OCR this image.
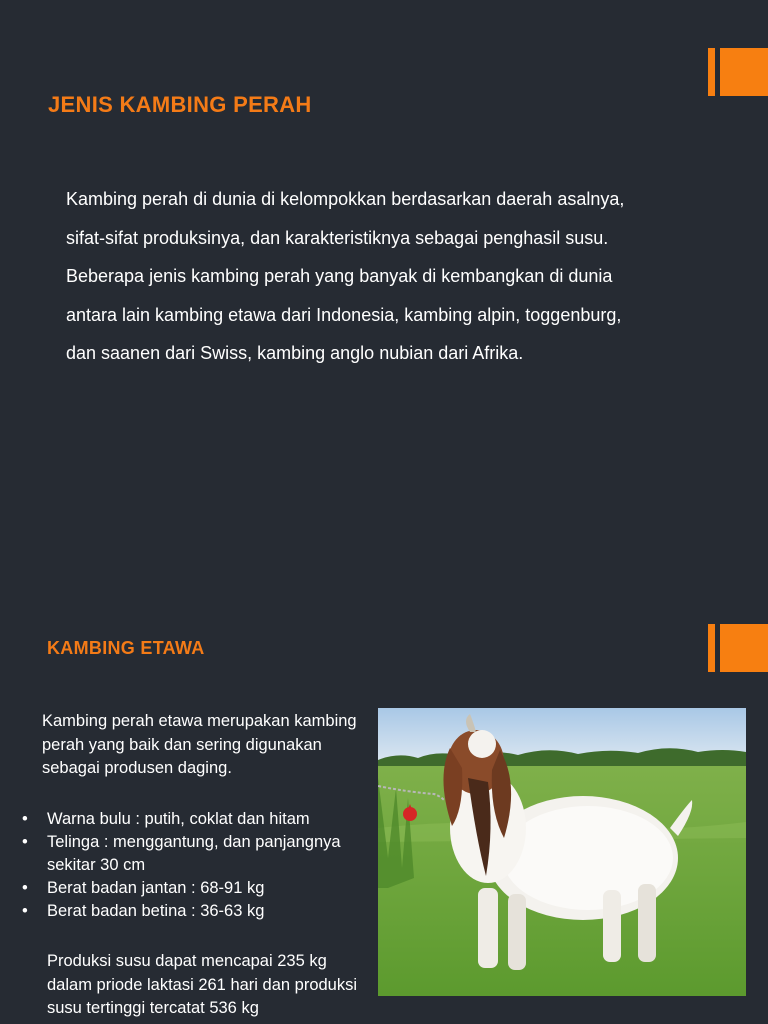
JENIS KAMBING PERAH

Kambing perah di dunia di kelompokkan berdasarkan daerah asalnya, sifat-sifat produksinya, dan karakteristiknya sebagai penghasil susu. Beberapa jenis kambing perah yang banyak di kembangkan di dunia antara lain kambing etawa dari Indonesia, kambing alpin, toggenburg, dan saanen dari Swiss, kambing anglo nubian dari Afrika.

KAMBING ETAWA

Kambing perah etawa merupakan kambing perah yang baik dan sering digunakan sebagai produsen daging.

• Warna bulu : putih, coklat dan hitam
• Telinga : menggantung, dan panjangnya sekitar 30 cm
• Berat badan jantan : 68-91 kg
• Berat badan betina : 36-63 kg

Produksi susu dapat mencapai 235 kg dalam priode laktasi 261 hari dan produksi susu tertinggi tercatat 536 kg
